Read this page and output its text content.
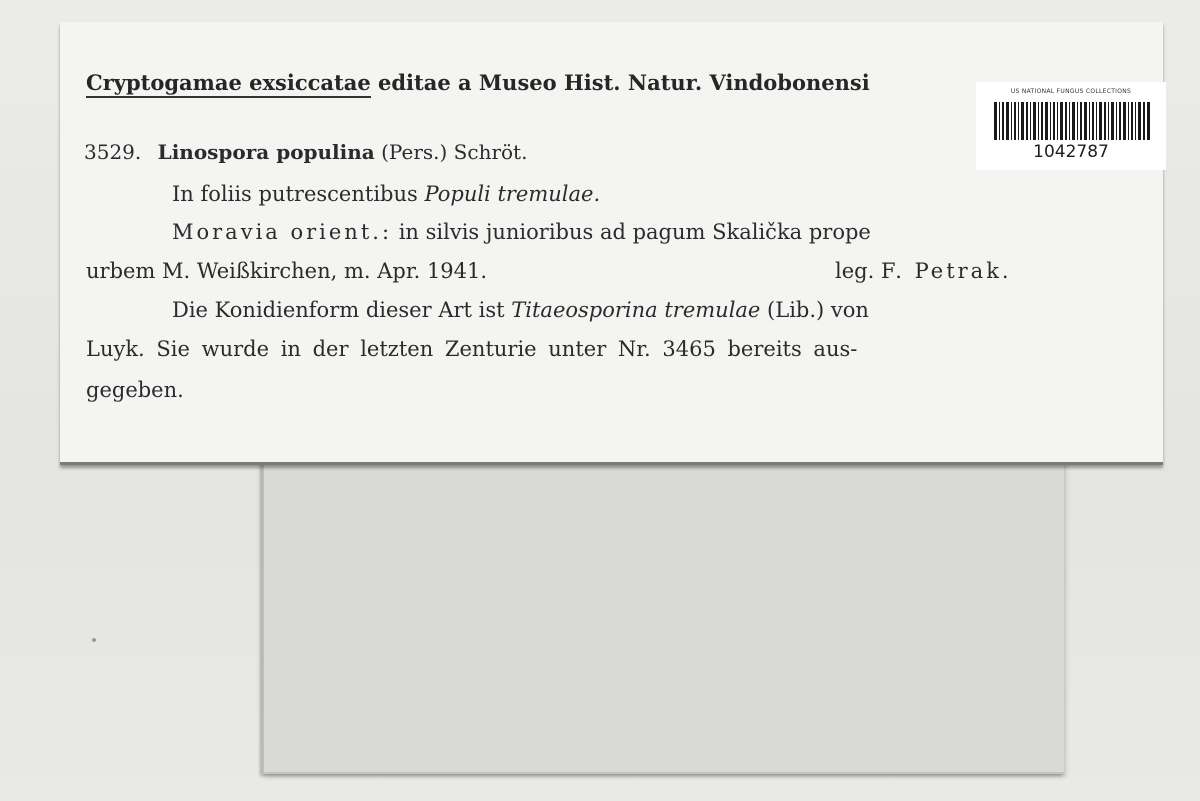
Cryptogamae exsiccatae editae a Museo Hist. Natur. Vindobonensi
3529. Linospora populina (Pers.) Schröt.
In foliis putrescentibus Populi tremulae.
Moravia orient.: in silvis junioribus ad pagum Skalička prope
urbem M. Weißkirchen, m. Apr. 1941.	leg. F. Petrak.
Die Konidienform dieser Art ist Titaeosporina tremulae (Lib.) von
Luyk. Sie wurde in der letzten Zenturie unter Nr. 3465 bereits aus-
gegeben.
US NATIONAL FUNGUS COLLECTIONS
1042787
